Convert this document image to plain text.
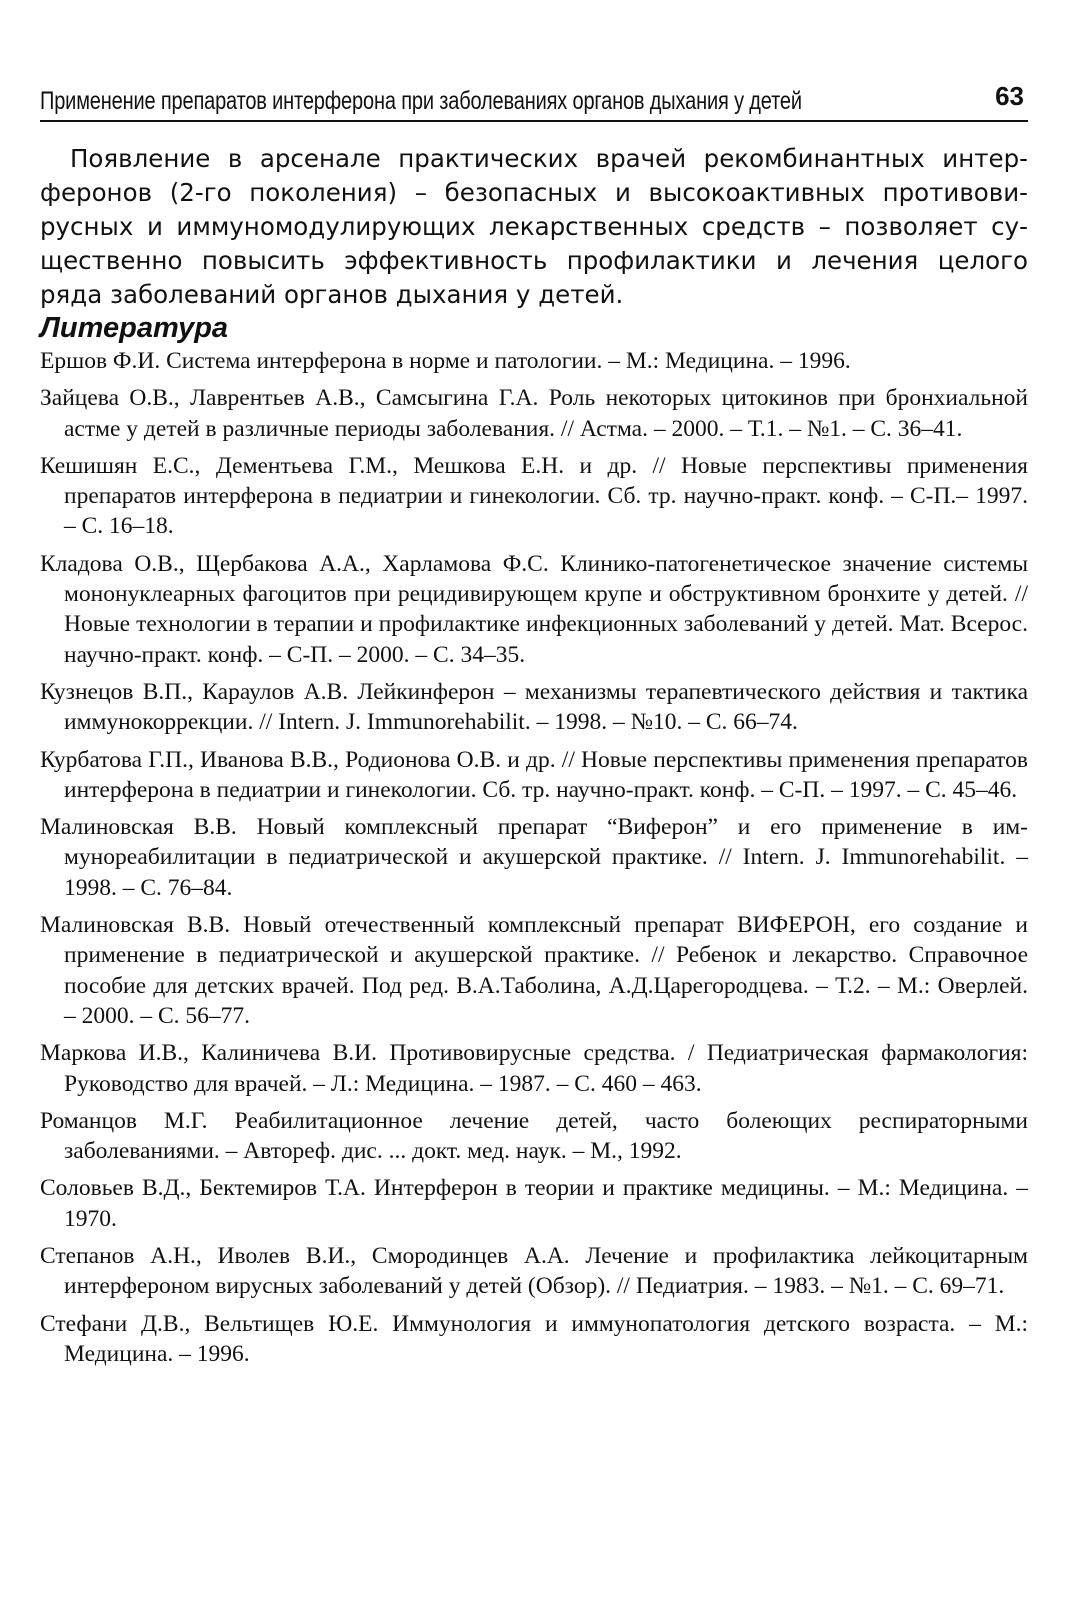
Применение препаратов интерферона при заболеваниях органов дыхания у детей	63

Появление в арсенале практических врачей рекомбинантных интерферонов (2-го поколения) – безопасных и высокоактивных противовирусных и иммуномодулирующих лекарственных средств – позволяет существенно повысить эффективность профилактики и лечения целого ряда заболеваний органов дыхания у детей.

Литература
Ершов Ф.И. Система интерферона в норме и патологии. – М.: Медицина. – 1996.
Зайцева О.В., Лаврентьев А.В., Самсыгина Г.А. Роль некоторых цитокинов при бронхиальной астме у детей в различные периоды заболевания. // Астма. – 2000. – Т.1. – №1. – С. 36–41.
Кешишян Е.С., Дементьева Г.М., Мешкова Е.Н. и др. // Новые перспективы применения препаратов интерферона в педиатрии и гинекологии. Сб. тр. научно-практ. конф. – С-П.– 1997. – С. 16–18.
Кладова О.В., Щербакова А.А., Харламова Ф.С. Клинико-патогенетическое значение системы мононуклеарных фагоцитов при рецидивирующем крупе и обструктивном бронхите у детей. // Новые технологии в терапии и профилактике инфекционных заболеваний у детей. Мат. Всерос. научно-практ. конф. – С-П. – 2000. – С. 34–35.
Кузнецов В.П., Караулов А.В. Лейкинферон – механизмы терапевтического действия и тактика иммунокоррекции. // Intern. J. Immunorehabilit. – 1998. – №10. – С. 66–74.
Курбатова Г.П., Иванова В.В., Родионова О.В. и др. // Новые перспективы применения препаратов интерферона в педиатрии и гинекологии. Сб. тр. научно-практ. конф. – С-П. – 1997. – С. 45–46.
Малиновская В.В. Новый комплексный препарат “Виферон” и его применение в иммунореабилитации в педиатрической и акушерской практике. // Intern. J. Immunorehabilit. – 1998. – С. 76–84.
Малиновская В.В. Новый отечественный комплексный препарат ВИФЕРОН, его создание и применение в педиатрической и акушерской практике. // Ребенок и лекарство. Справочное пособие для детских врачей. Под ред. В.А.Таболина, А.Д.Царегородцева. – Т.2. – М.: Оверлей. – 2000. – С. 56–77.
Маркова И.В., Калиничева В.И. Противовирусные средства. / Педиатрическая фармакология: Руководство для врачей. – Л.: Медицина. – 1987. – С. 460 – 463.
Романцов М.Г. Реабилитационное лечение детей, часто болеющих респираторными заболеваниями. – Автореф. дис. ... докт. мед. наук. – М., 1992.
Соловьев В.Д., Бектемиров Т.А. Интерферон в теории и практике медицины. – М.: Медицина. – 1970.
Степанов А.Н., Иволев В.И., Смородинцев А.А. Лечение и профилактика лейкоцитарным интерфероном вирусных заболеваний у детей (Обзор). // Педиатрия. – 1983. – №1. – С. 69–71.
Стефани Д.В., Вельтищев Ю.Е. Иммунология и иммунопатология детского возраста. – М.: Медицина. – 1996.
